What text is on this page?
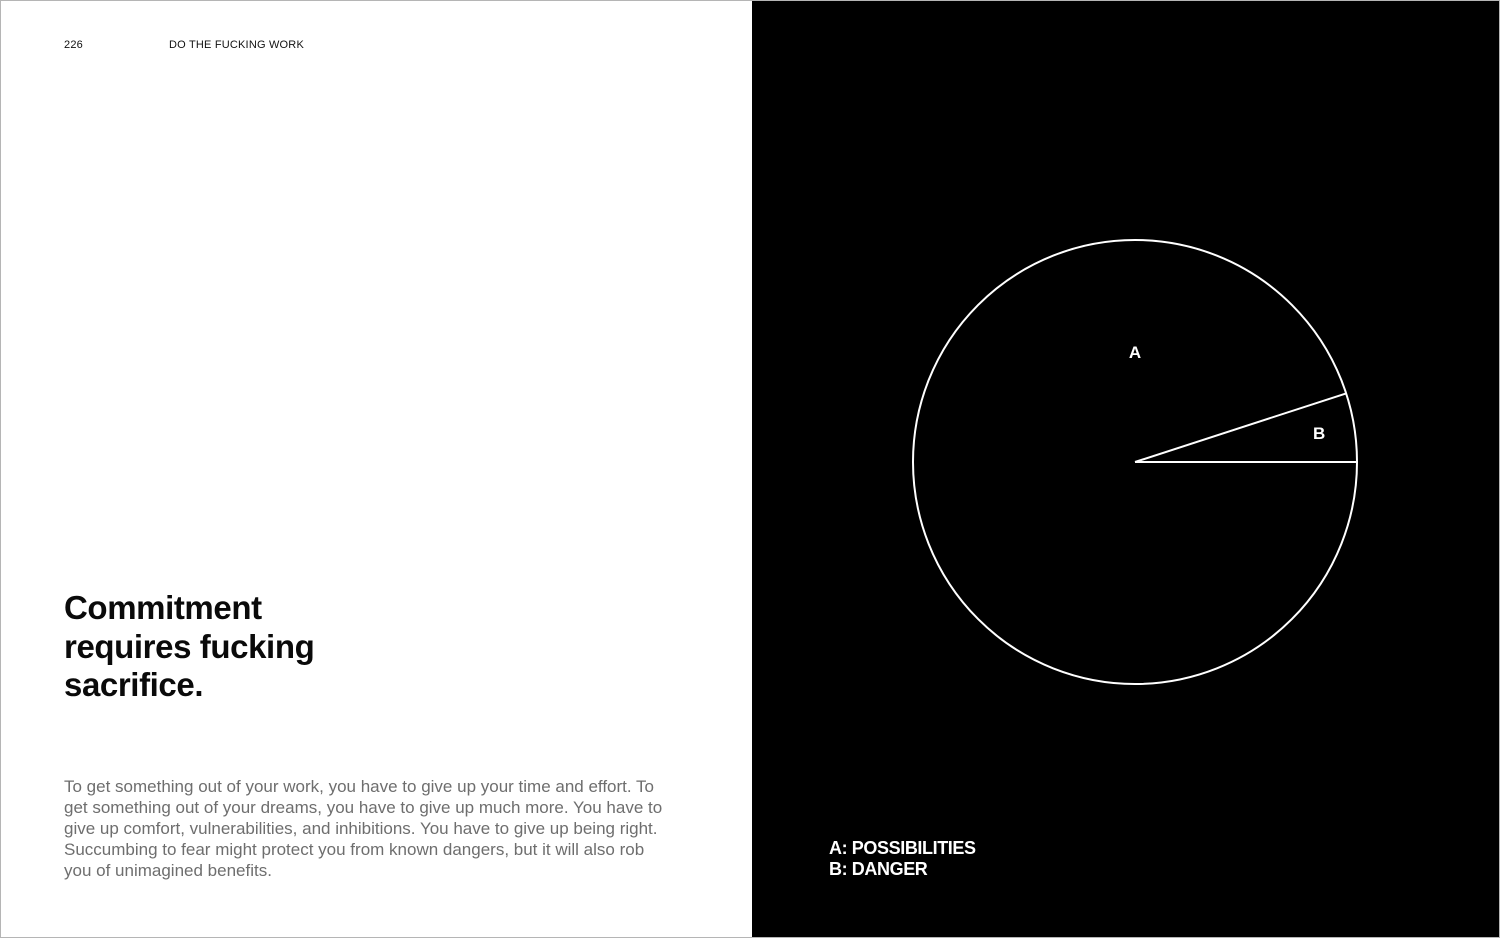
226	DO THE FUCKING WORK
Commitment
requires fucking
sacrifice.

To get something out of your work, you have to give up your time and effort. To get something out of your dreams, you have to give up much more. You have to give up comfort, vulnerabilities, and inhibitions. You have to give up being right. Succumbing to fear might protect you from known dangers, but it will also rob you of unimagined benefits.

B
A
A: POSSIBILITIES
B: DANGER
